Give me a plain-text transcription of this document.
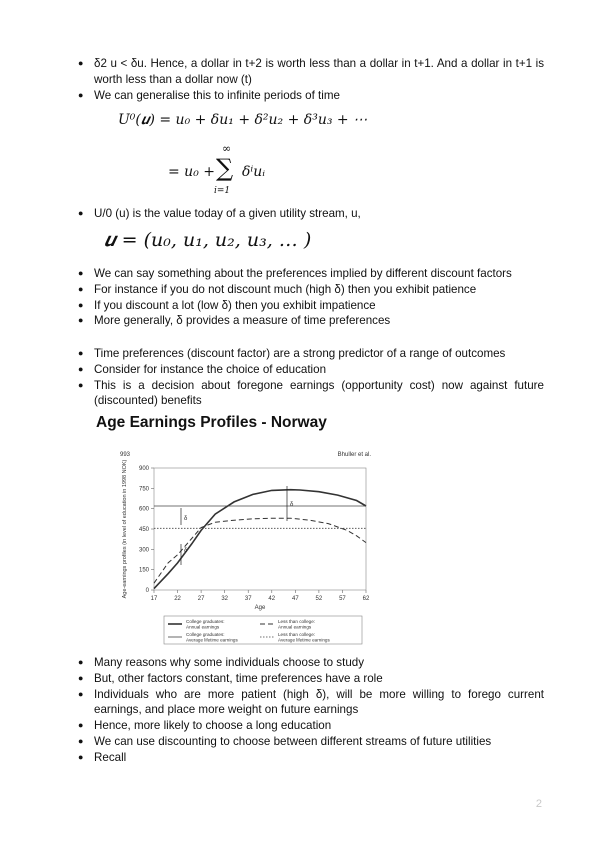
● δ2 u < δu. Hence, a dollar in t+2 is worth less than a dollar in t+1. And a dollar in t+1 is worth less than a dollar now (t)
● We can generalise this to infinite periods of time
U⁰(𝒖) = u₀ + δu₁ + δ²u₂ + δ³u₃ + ⋯
= u₀ +
∞
∑
i=1
δⁱuᵢ
● U/0 (u) is the value today of a given utility stream, u,
𝒖 = (u₀, u₁, u₂, u₃, … )
● We can say something about the preferences implied by different discount factors
● For instance if you do not discount much (high δ) then you exhibit patience
● If you discount a lot (low δ) then you exhibit impatience
● More generally, δ provides a measure of time preferences
● Time preferences (discount factor) are a strong predictor of a range of outcomes
● Consider for instance the choice of education
● This is a decision about foregone earnings (opportunity cost) now against future (discounted) benefits
Age Earnings Profiles - Norway
993	Bhuller et al.
Age-earnings profiles (in level of education in 1998 NOK)
Age
17	22	27	32	37	42	47	52	57	62
0
150
300
450
600
750
900
δ
δ
δ
College graduates:
Annual earnings
Less than college:
Annual earnings
College graduates:
Average lifetime earnings
Less than college:
Average lifetime earnings
● Many reasons why some individuals choose to study
● But, other factors constant, time preferences have a role
● Individuals who are more patient (high δ), will be more willing to forego current earnings, and place more weight on future earnings
● Hence, more likely to choose a long education
● We can use discounting to choose between different streams of future utilities
● Recall
2
